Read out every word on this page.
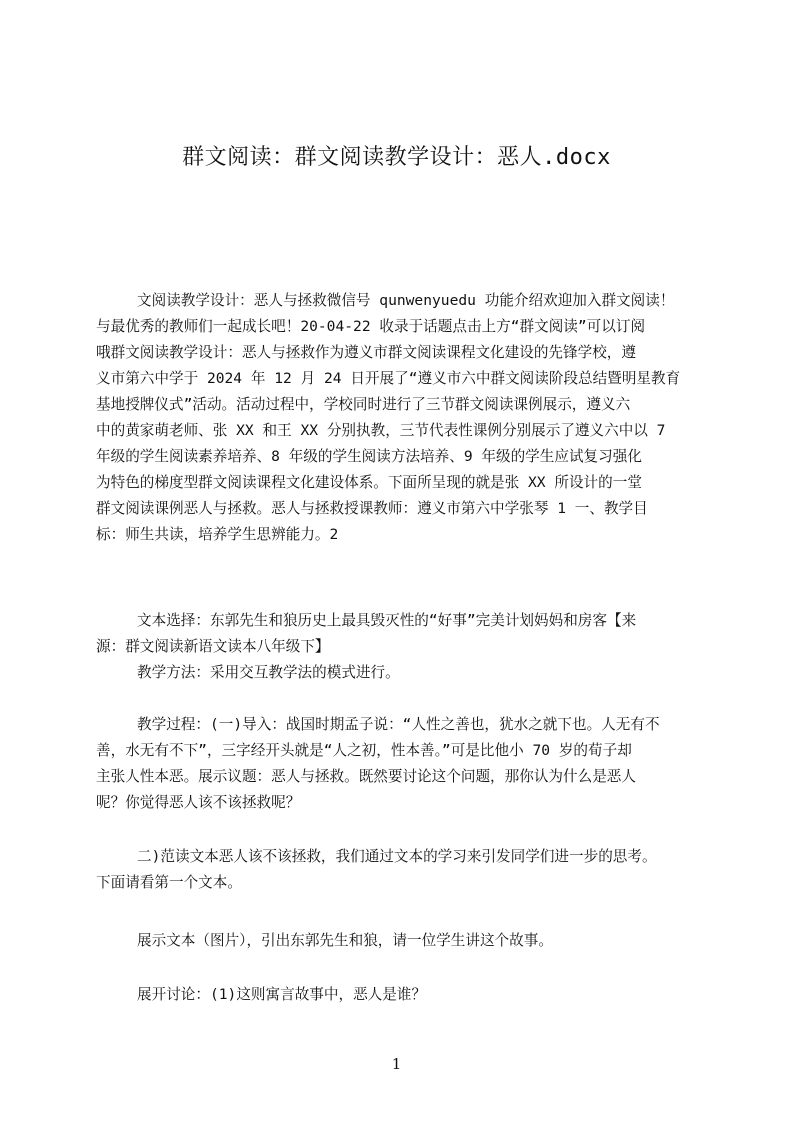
群文阅读：群文阅读教学设计：恶人.docx
文阅读教学设计：恶人与拯救微信号 qunwenyuedu 功能介绍欢迎加入群文阅读！
与最优秀的教师们一起成长吧！20-04-22 收录于话题点击上方“群文阅读”可以订阅
哦群文阅读教学设计：恶人与拯救作为遵义市群文阅读课程文化建设的先锋学校，遵
义市第六中学于 2024 年 12 月 24 日开展了“遵义市六中群文阅读阶段总结暨明星教育
基地授牌仪式”活动。活动过程中，学校同时进行了三节群文阅读课例展示，遵义六
中的黄家萌老师、张 XX 和王 XX 分别执教，三节代表性课例分别展示了遵义六中以 7
年级的学生阅读素养培养、8 年级的学生阅读方法培养、9 年级的学生应试复习强化
为特色的梯度型群文阅读课程文化建设体系。下面所呈现的就是张 XX 所设计的一堂
群文阅读课例恶人与拯救。恶人与拯救授课教师：遵义市第六中学张琴 1 一、教学目
标：师生共读，培养学生思辨能力。2
文本选择：东郭先生和狼历史上最具毁灭性的“好事”完美计划妈妈和房客【来
源：群文阅读新语文读本八年级下】
教学方法：采用交互教学法的模式进行。
教学过程：(一)导入：战国时期孟子说：“人性之善也，犹水之就下也。人无有不
善，水无有不下”，三字经开头就是“人之初，性本善。”可是比他小 70 岁的荀子却
主张人性本恶。展示议题：恶人与拯救。既然要讨论这个问题，那你认为什么是恶人
呢？你觉得恶人该不该拯救呢？
二)范读文本恶人该不该拯救，我们通过文本的学习来引发同学们进一步的思考。
下面请看第一个文本。
展示文本（图片），引出东郭先生和狼，请一位学生讲这个故事。
展开讨论：(1)这则寓言故事中，恶人是谁？
1
